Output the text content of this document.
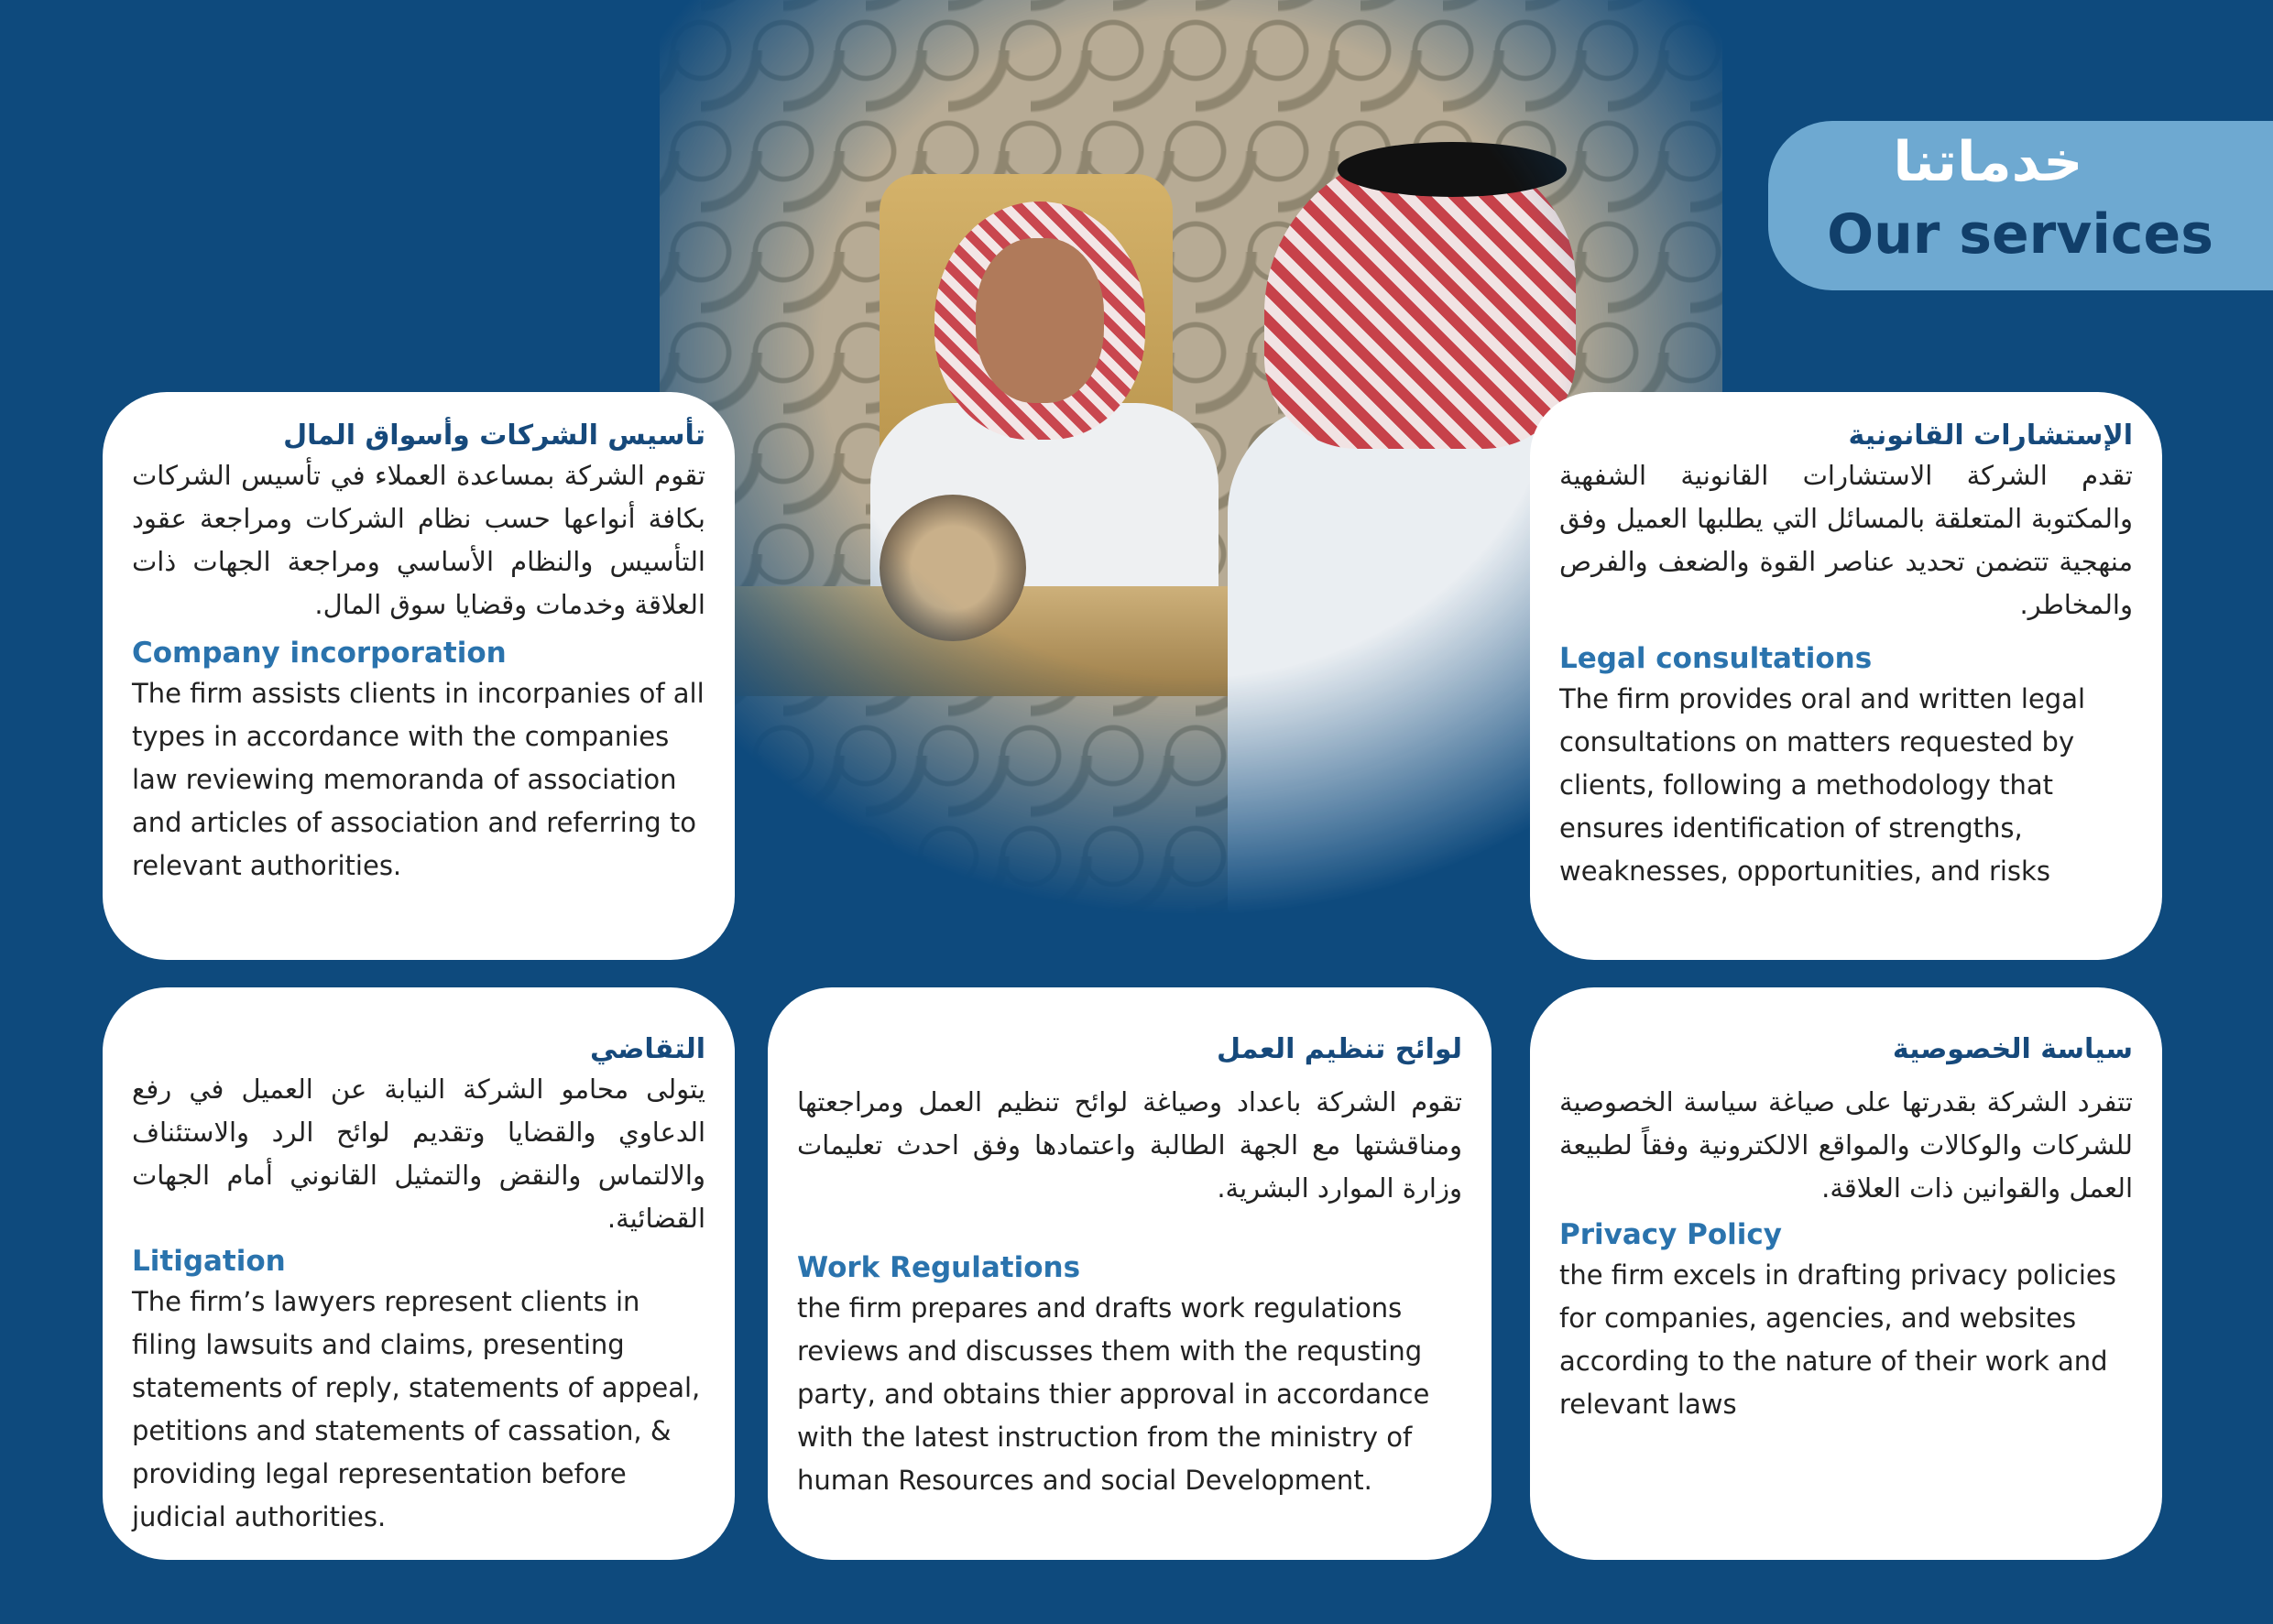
خدماتنا
Our services

تأسيس الشركات وأسواق المال

تقوم الشركة بمساعدة العملاء في تأسيس الشركات بكافة أنواعها حسب نظام الشركات ومراجعة عقود التأسيس والنظام الأساسي ومراجعة الجهات ذات العلاقة وخدمات وقضايا سوق المال.

Company incorporation

The firm assists clients in incorpanies of all types in accordance with the companies law reviewing memoranda of association and articles of association and referring to relevant authorities.

الإستشارات القانونية

تقدم الشركة الاستشارات القانونية الشفهية والمكتوبة المتعلقة بالمسائل التي يطلبها العميل وفق منهجية تتضمن تحديد عناصر القوة والضعف والفرص والمخاطر.

Legal consultations

The firm provides oral and written legal consultations on matters requested by clients, following a methodology that ensures identification of strengths, weaknesses, opportunities, and risks

التقاضي

يتولى محامو الشركة النيابة عن العميل في رفع الدعاوي والقضايا وتقديم لوائح الرد والاستئناف والالتماس والنقض والتمثيل القانوني أمام الجهات القضائية.

Litigation

The firm’s lawyers represent clients in filing lawsuits and claims, presenting statements of reply, statements of appeal, petitions and statements of cassation, & providing legal representation before judicial authorities.

لوائح تنظيم العمل

تقوم الشركة باعداد وصياغة لوائح تنظيم العمل ومراجعتها ومناقشتها مع الجهة الطالبة واعتمادها وفق احدث تعليمات وزارة الموارد البشرية.

Work Regulations

the firm prepares and drafts work regulations reviews and discusses them with the requsting party, and obtains thier approval in accordance with the latest instruction from the ministry of human Resources and social Development.

سياسة الخصوصية

تتفرد الشركة بقدرتها على صياغة سياسة الخصوصية للشركات والوكالات والمواقع الالكترونية وفقاً لطبيعة العمل والقوانين ذات العلاقة.

Privacy Policy

the firm excels in drafting privacy policies for companies, agencies, and websites according to the nature of their work and relevant laws
